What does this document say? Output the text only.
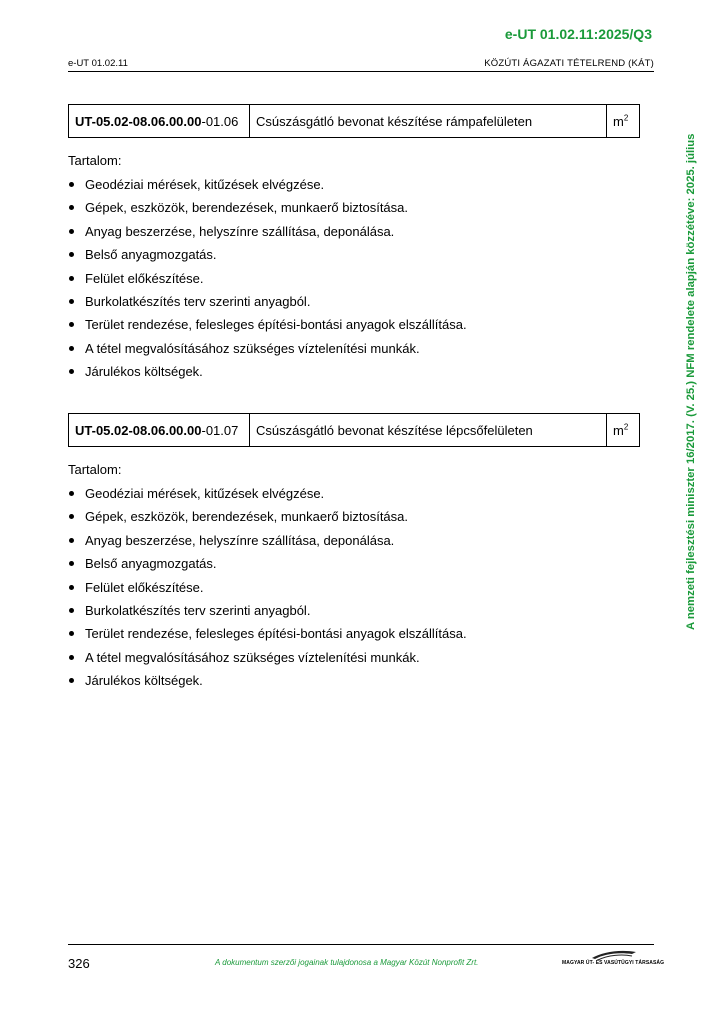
e-UT 01.02.11:2025/Q3
e-UT 01.02.11	KÖZÚTI ÁGAZATI TÉTELREND (KÁT)
UT-05.02-08.06.00.00-01.06	Csúszásgátló bevonat készítése rámpafelületen	$m^2$
Tartalom:
Geodéziai mérések, kitűzések elvégzése.
Gépek, eszközök, berendezések, munkaerő biztosítása.
Anyag beszerzése, helyszínre szállítása, deponálása.
Belső anyagmozgatás.
Felület előkészítése.
Burkolatkészítés terv szerinti anyagból.
Terület rendezése, felesleges építési-bontási anyagok elszállítása.
A tétel megvalósításához szükséges víztelenítési munkák.
Járulékos költségek.
UT-05.02-08.06.00.00-01.07	Csúszásgátló bevonat készítése lépcsőfelületen	$m^2$
Tartalom:
Geodéziai mérések, kitűzések elvégzése.
Gépek, eszközök, berendezések, munkaerő biztosítása.
Anyag beszerzése, helyszínre szállítása, deponálása.
Belső anyagmozgatás.
Felület előkészítése.
Burkolatkészítés terv szerinti anyagból.
Terület rendezése, felesleges építési-bontási anyagok elszállítása.
A tétel megvalósításához szükséges víztelenítési munkák.
Járulékos költségek.
A nemzeti fejlesztési miniszter 16/2017. (V. 25.) NFM rendelete alapján közzétéve: 2025. július
326	A dokumentum szerzői jogainak tulajdonosa a Magyar Közút Nonprofit Zrt.	MAGYAR ÚT- ÉS VASÚTÜGYI TÁRSASÁG
